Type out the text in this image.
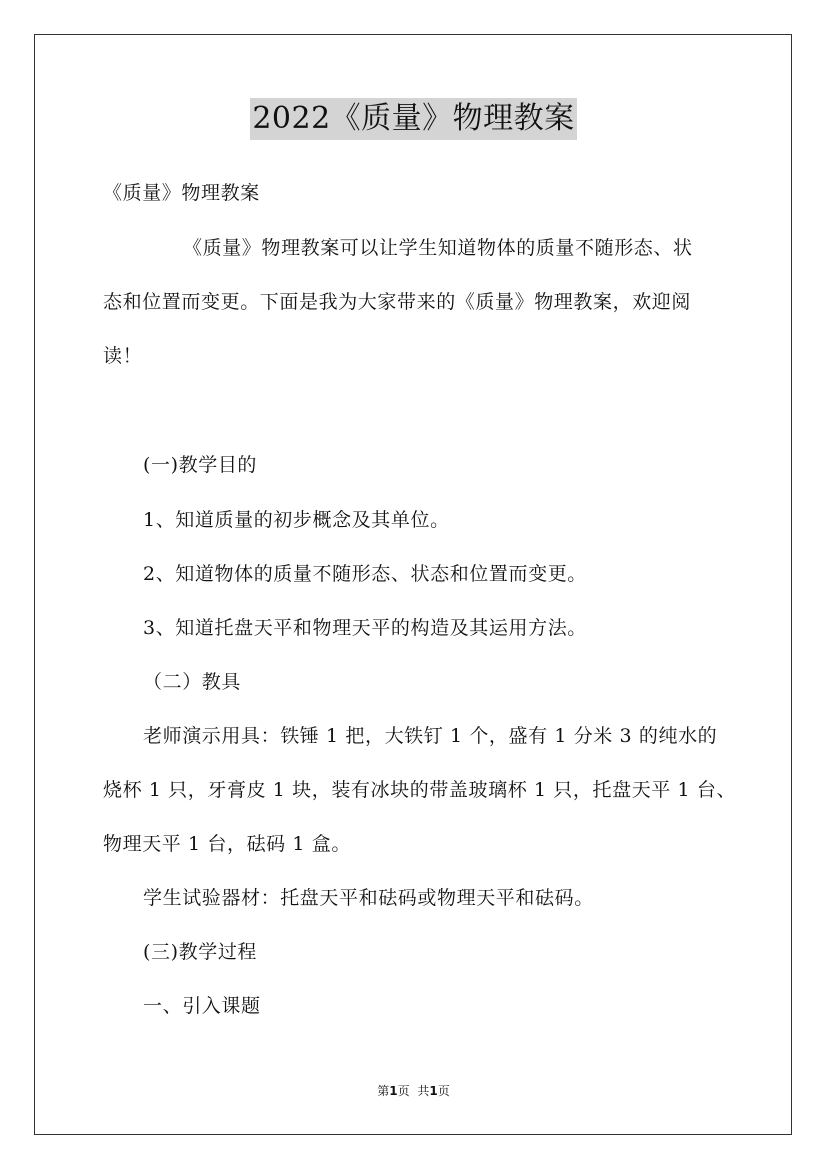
2022《质量》物理教案
《质量》物理教案
《质量》物理教案可以让学生知道物体的质量不随形态、状
态和位置而变更。下面是我为大家带来的《质量》物理教案，欢迎阅
读！
(一)教学目的
1、知道质量的初步概念及其单位。
2、知道物体的质量不随形态、状态和位置而变更。
3、知道托盘天平和物理天平的构造及其运用方法。
（二）教具
老师演示用具：铁锤 1 把，大铁钉 1 个，盛有 1 分米 3 的纯水的
烧杯 1 只，牙膏皮 1 块，装有冰块的带盖玻璃杯 1 只，托盘天平 1 台、
物理天平 1 台，砝码 1 盒。
学生试验器材：托盘天平和砝码或物理天平和砝码。
(三)教学过程
一、引入课题
第1页 共1页
